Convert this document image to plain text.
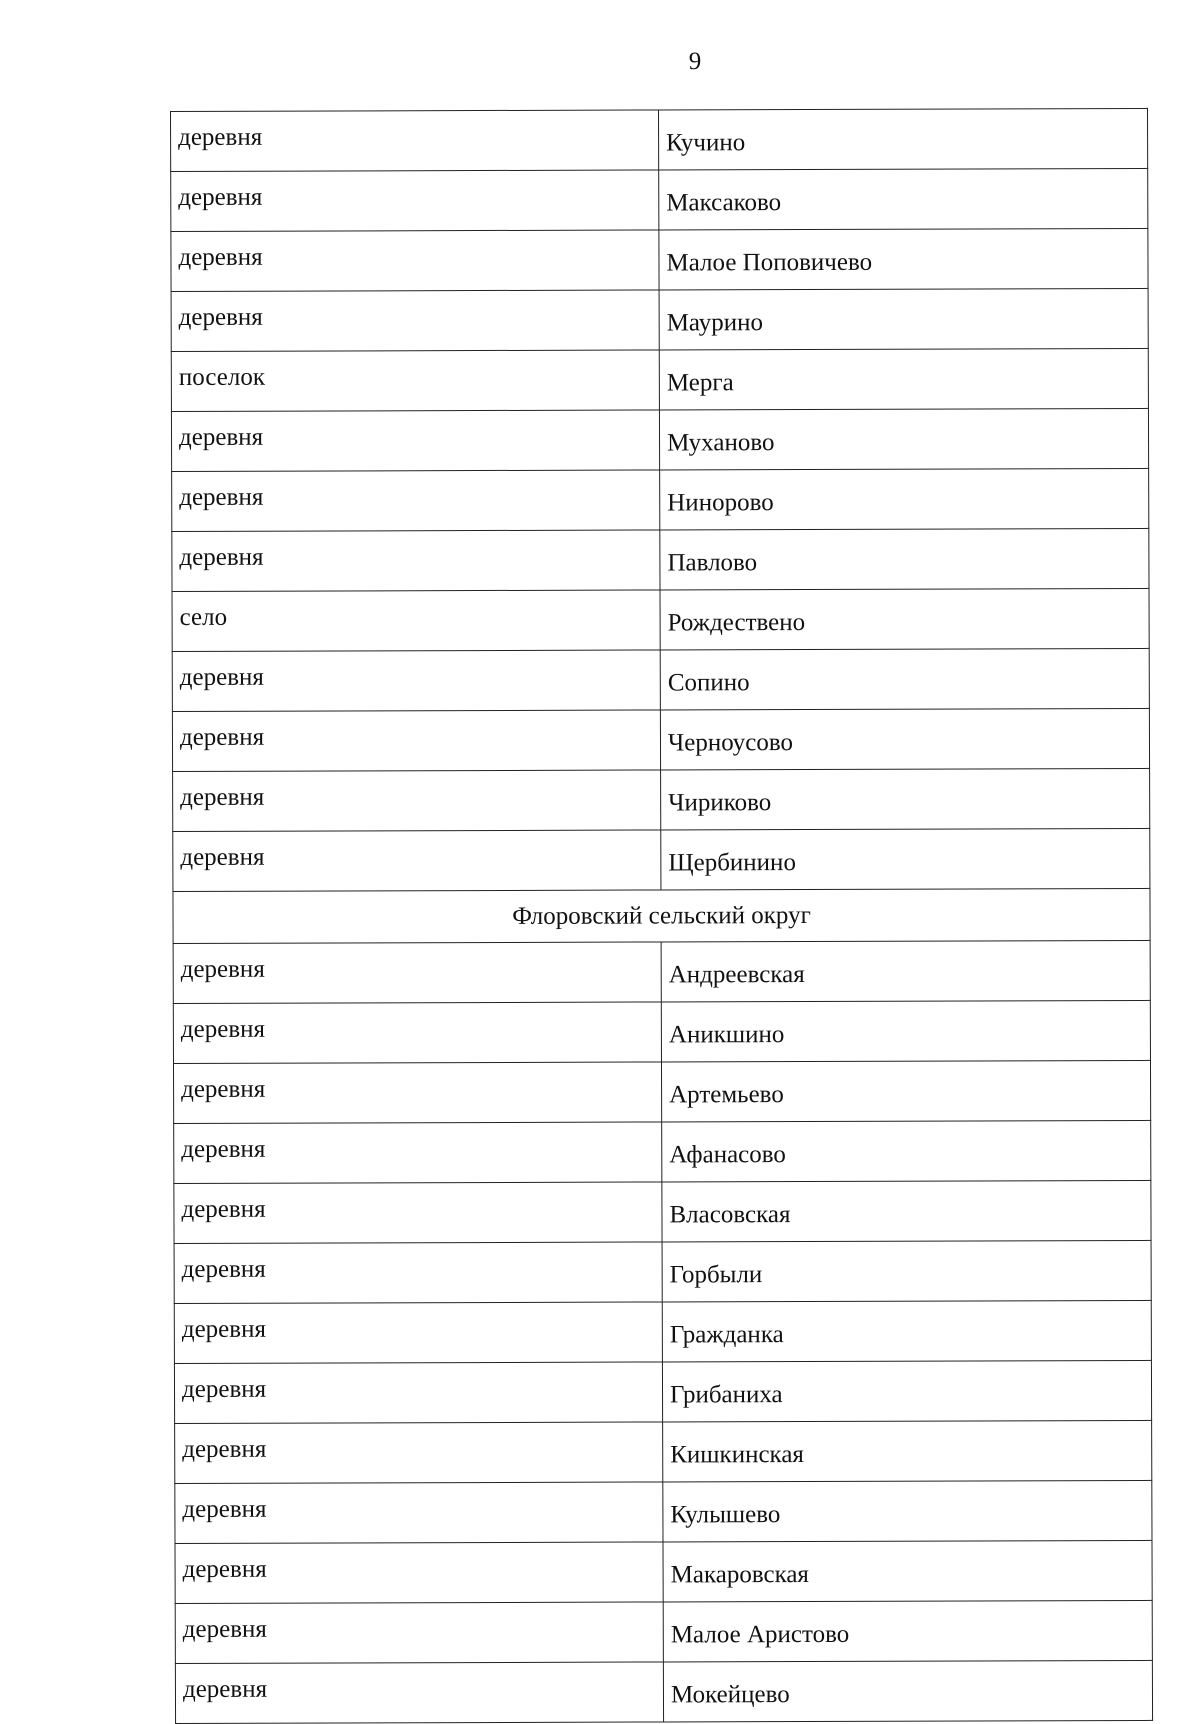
9
деревня	Кучино
деревня	Максаково
деревня	Малое Поповичево
деревня	Маурино
поселок	Мерга
деревня	Муханово
деревня	Нинорово
деревня	Павлово
село	Рождествено
деревня	Сопино
деревня	Черноусово
деревня	Чириково
деревня	Щербинино
Флоровский сельский округ	
деревня	Андреевская
деревня	Аникшино
деревня	Артемьево
деревня	Афанасово
деревня	Власовская
деревня	Горбыли
деревня	Гражданка
деревня	Грибаниха
деревня	Кишкинская
деревня	Кулышево
деревня	Макаровская
деревня	Малое Аристово
деревня	Мокейцево
